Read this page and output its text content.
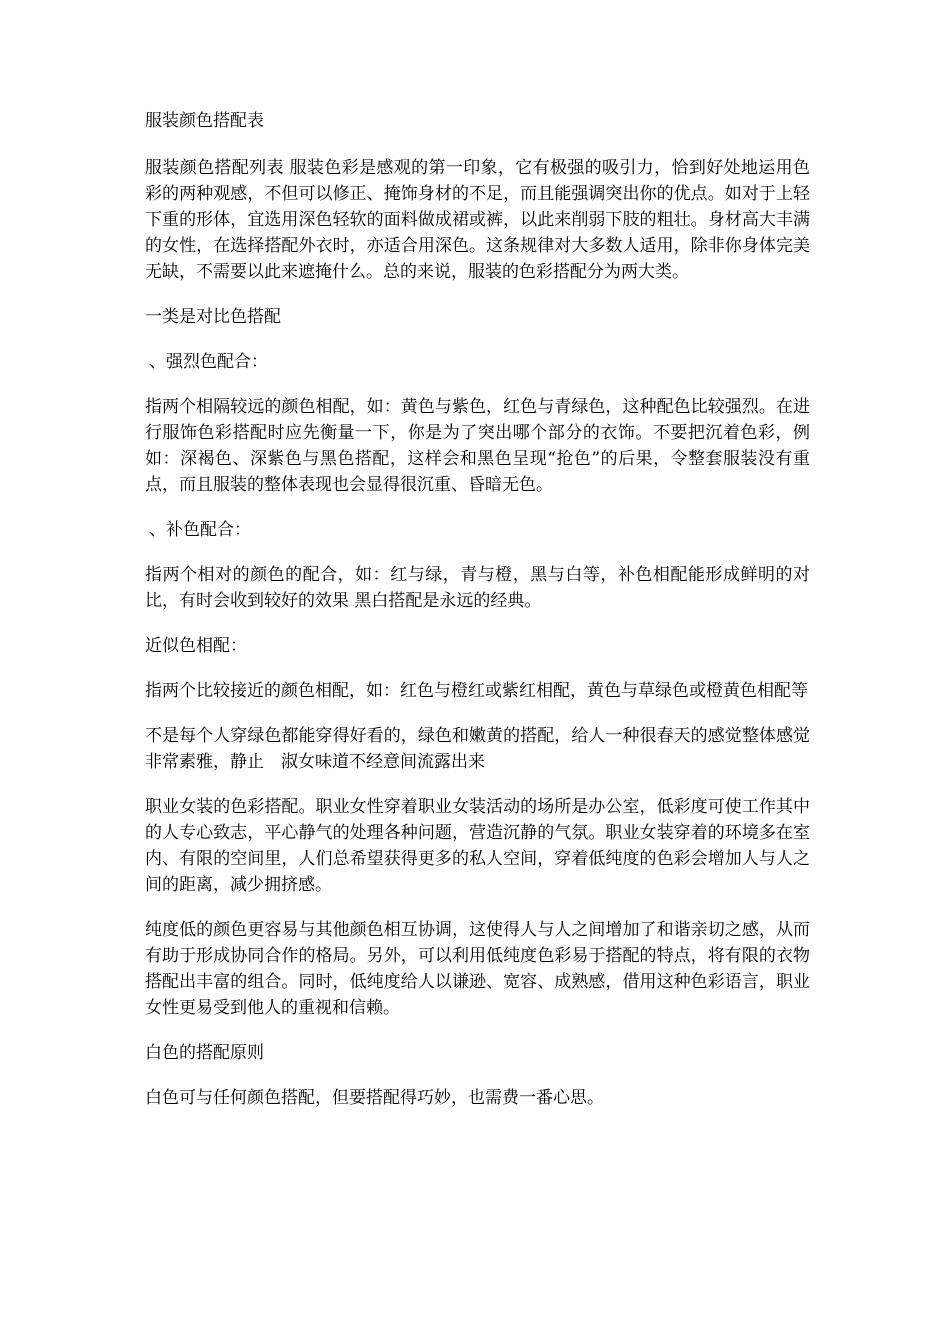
服装颜色搭配表

服装颜色搭配列表 服装色彩是感观的第一印象，它有极强的吸引力，恰到好处地运用色彩的两种观感，不但可以修正、掩饰身材的不足，而且能强调突出你的优点。如对于上轻下重的形体，宜选用深色轻软的面料做成裙或裤，以此来削弱下肢的粗壮。身材高大丰满的女性，在选择搭配外衣时，亦适合用深色。这条规律对大多数人适用，除非你身体完美无缺，不需要以此来遮掩什么。总的来说，服装的色彩搭配分为两大类。

一类是对比色搭配

、强烈色配合：

指两个相隔较远的颜色相配，如：黄色与紫色，红色与青绿色，这种配色比较强烈。在进行服饰色彩搭配时应先衡量一下，你是为了突出哪个部分的衣饰。不要把沉着色彩，例如：深褐色、深紫色与黑色搭配，这样会和黑色呈现“抢色”的后果，令整套服装没有重点，而且服装的整体表现也会显得很沉重、昏暗无色。

、补色配合：

指两个相对的颜色的配合，如：红与绿，青与橙，黑与白等，补色相配能形成鲜明的对比，有时会收到较好的效果 黑白搭配是永远的经典。

近似色相配：

指两个比较接近的颜色相配，如：红色与橙红或紫红相配，黄色与草绿色或橙黄色相配等

不是每个人穿绿色都能穿得好看的，绿色和嫩黄的搭配，给人一种很春天的感觉整体感觉非常素雅，静止　淑女味道不经意间流露出来

职业女装的色彩搭配。职业女性穿着职业女装活动的场所是办公室，低彩度可使工作其中的人专心致志，平心静气的处理各种问题，营造沉静的气氛。职业女装穿着的环境多在室内、有限的空间里，人们总希望获得更多的私人空间，穿着低纯度的色彩会增加人与人之间的距离，减少拥挤感。

纯度低的颜色更容易与其他颜色相互协调，这使得人与人之间增加了和谐亲切之感，从而有助于形成协同合作的格局。另外，可以利用低纯度色彩易于搭配的特点，将有限的衣物搭配出丰富的组合。同时，低纯度给人以谦逊、宽容、成熟感，借用这种色彩语言，职业女性更易受到他人的重视和信赖。

白色的搭配原则

白色可与任何颜色搭配，但要搭配得巧妙，也需费一番心思。
